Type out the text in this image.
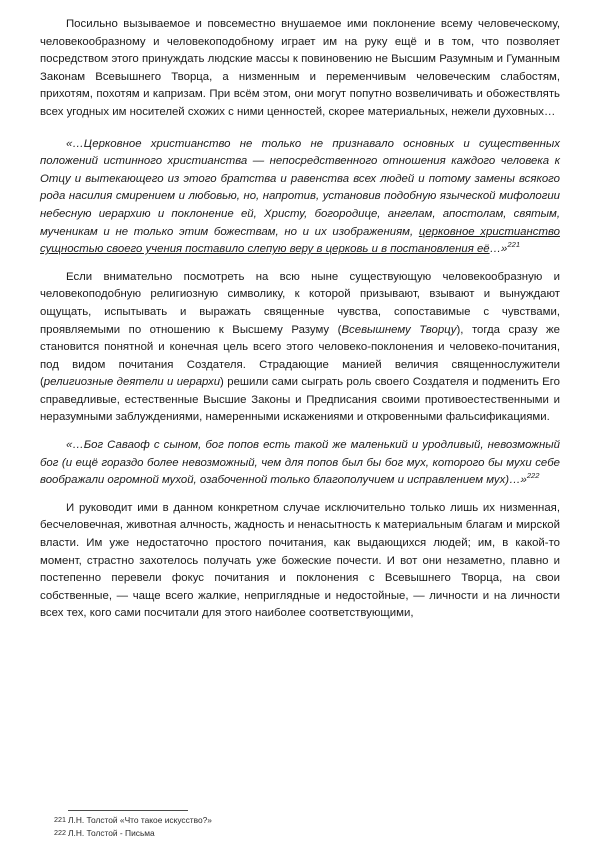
Посильно вызываемое и повсеместно внушаемое ими поклонение всему человеческому, человекообразному и человекоподобному играет им на руку ещё и в том, что позволяет посредством этого принуждать людские массы к повиновению не Высшим Разумным и Гуманным Законам Всевышнего Творца, а низменным и переменчивым человеческим слабостям, прихотям, похотям и капризам. При всём этом, они могут попутно возвеличивать и обожествлять всех угодных им носителей схожих с ними ценностей, скорее материальных, нежели духовных…

«…Церковное христианство не только не признавало основных и существенных положений истинного христианства — непосредственного отношения каждого человека к Отцу и вытекающего из этого братства и равенства всех людей и потому замены всякого рода насилия смирением и любовью, но, напротив, установив подобную языческой мифологии небесную иерархию и поклонение ей, Христу, богородице, ангелам, апостолам, святым, мученикам и не только этим божествам, но и их изображениям, церковное христианство сущностью своего учения поставило слепую веру в церковь и в постановления её…»$^{221}$

Если внимательно посмотреть на всю ныне существующую человекообразную и человекоподобную религиозную символику, к которой призывают, взывают и вынуждают ощущать, испытывать и выражать священные чувства, сопоставимые с чувствами, проявляемыми по отношению к Высшему Разуму (Всевышнему Творцу), тогда сразу же становится понятной и конечная цель всего этого человеко-поклонения и человеко-почитания, под видом почитания Создателя. Страдающие манией величия священнослужители (религиозные деятели и иерархи) решили сами сыграть роль своего Создателя и подменить Его справедливые, естественные Высшие Законы и Предписания своими противоестественными и неразумными заблуждениями, намеренными искажениями и откровенными фальсификациями.

«…Бог Саваоф с сыном, бог попов есть такой же маленький и уродливый, невозможный бог (и ещё гораздо более невозможный, чем для попов был бы бог мух, которого бы мухи себе воображали огромной мухой, озабоченной только благополучием и исправлением мух)…»$^{222}$

И руководит ими в данном конкретном случае исключительно только лишь их низменная, бесчеловечная, животная алчность, жадность и ненасытность к материальным благам и мирской власти. Им уже недостаточно простого почитания, как выдающихся людей; им, в какой-то момент, страстно захотелось получать уже божеские почести. И вот они незаметно, плавно и постепенно перевели фокус почитания и поклонения с Всевышнего Творца, на свои собственные, — чаще всего жалкие, неприглядные и недостойные, — личности и на личности всех тех, кого сами посчитали для этого наиболее соответствующими,

221 Л.Н. Толстой «Что такое искусство?»
222 Л.Н. Толстой - Письма
